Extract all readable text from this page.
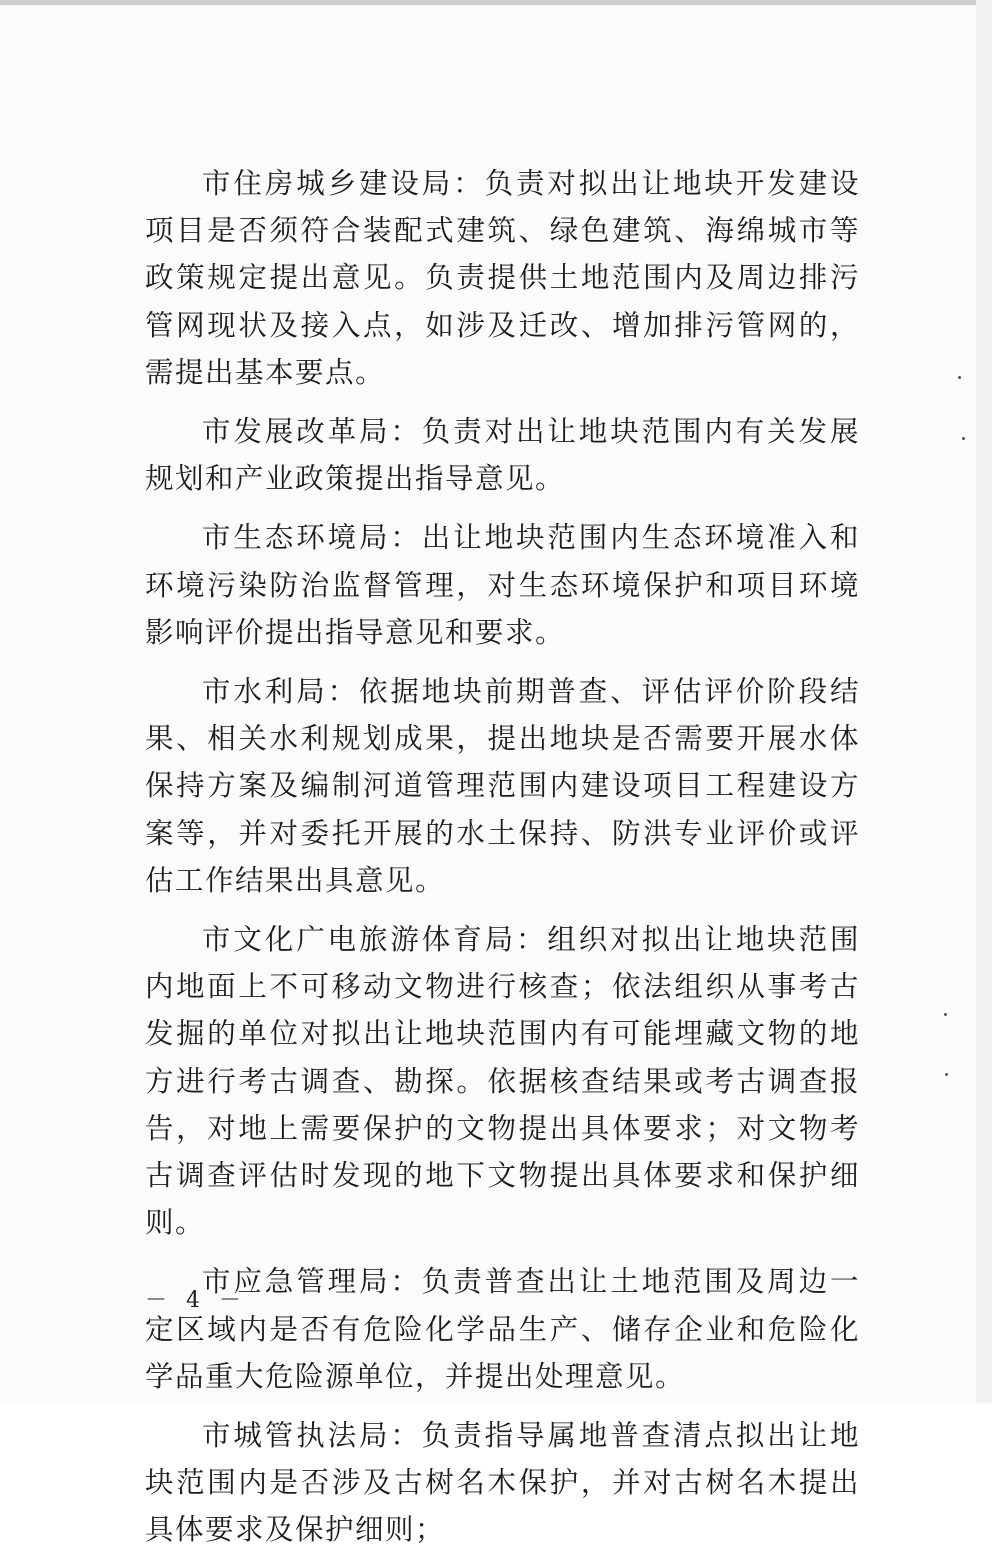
市住房城乡建设局：负责对拟出让地块开发建设项目是否须符合装配式建筑、绿色建筑、海绵城市等政策规定提出意见。负责提供土地范围内及周边排污管网现状及接入点，如涉及迁改、增加排污管网的，需提出基本要点。

市发展改革局：负责对出让地块范围内有关发展规划和产业政策提出指导意见。

市生态环境局：出让地块范围内生态环境准入和环境污染防治监督管理，对生态环境保护和项目环境影响评价提出指导意见和要求。

市水利局：依据地块前期普查、评估评价阶段结果、相关水利规划成果，提出地块是否需要开展水体保持方案及编制河道管理范围内建设项目工程建设方案等，并对委托开展的水土保持、防洪专业评价或评估工作结果出具意见。

市文化广电旅游体育局：组织对拟出让地块范围内地面上不可移动文物进行核查；依法组织从事考古发掘的单位对拟出让地块范围内有可能埋藏文物的地方进行考古调查、勘探。依据核查结果或考古调查报告，对地上需要保护的文物提出具体要求；对文物考古调查评估时发现的地下文物提出具体要求和保护细则。

市应急管理局：负责普查出让土地范围及周边一定区域内是否有危险化学品生产、储存企业和危险化学品重大危险源单位，并提出处理意见。

市城管执法局：负责指导属地普查清点拟出让地块范围内是否涉及古树名木保护，并对古树名木提出具体要求及保护细则；

－ 4 －
